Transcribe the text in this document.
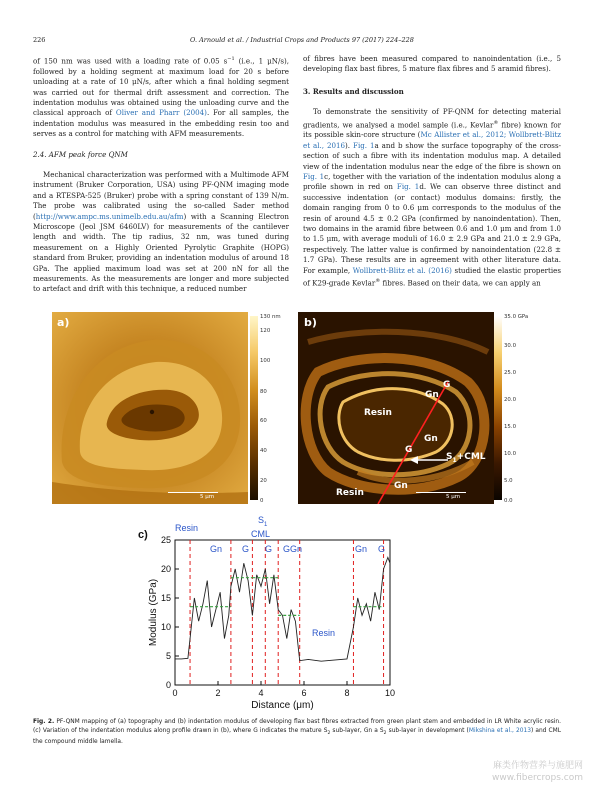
226	O. Arnould et al. / Industrial Crops and Products 97 (2017) 224–228

of 150 nm was used with a loading rate of 0.05 $s^{-1}$ (i.e., 1 μN/s), followed by a holding segment at maximum load for 20 s before unloading at a rate of 10 μN/s, after which a final holding segment was carried out for thermal drift assessment and correction. The indentation modulus was obtained using the unloading curve and the classical approach of Oliver and Pharr (2004). For all samples, the indentation modulus was measured in the embedding resin too and serves as a control for matching with AFM measurements.

2.4. AFM peak force QNM

Mechanical characterization was performed with a Multimode AFM instrument (Bruker Corporation, USA) using PF-QNM imaging mode and a RTESPA-525 (Bruker) probe with a spring constant of 139 N/m. The probe was calibrated using the so-called Sader method (http://www.ampc.ms.unimelb.edu.au/afm) with a Scanning Electron Microscope (Jeol JSM 6460LV) for measurements of the cantilever length and width. The tip radius, 32 nm, was tuned during measurement on a Highly Oriented Pyrolytic Graphite (HOPG) standard from Bruker, providing an indentation modulus of around 18 GPa. The applied maximum load was set at 200 nN for all the measurements. As the measurements are longer and more subjected to artefact and drift with this technique, a reduced number

of fibres have been measured compared to nanoindentation (i.e., 5 developing flax bast fibres, 5 mature flax fibres and 5 aramid fibres).

3. Results and discussion

To demonstrate the sensitivity of PF-QNM for detecting material gradients, we analysed a model sample (i.e., Kevlar® fibre) known for its possible skin-core structure (Mc Allister et al., 2012; Wollbrett-Blitz et al., 2016). Fig. 1a and b show the surface topography of the cross-section of such a fibre with its indentation modulus map. A detailed view of the indentation modulus near the edge of the fibre is shown on Fig. 1c, together with the variation of the indentation modulus along a profile shown in red on Fig. 1d. We can observe three distinct and successive indentation (or contact) modulus domains: firstly, the domain ranging from 0 to 0.6 μm corresponds to the modulus of the resin of around 4.5 ± 0.2 GPa (confirmed by nanoindentation). Then, two domains in the aramid fibre between 0.6 and 1.0 μm and from 1.0 to 1.5 μm, with average moduli of 16.0 ± 2.9 GPa and 21.0 ± 2.9 GPa, respectively. The latter value is confirmed by nanoindentation (22.8 ± 1.7 GPa). These results are in agreement with other literature data. For example, Wollbrett-Blitz et al. (2016) studied the elastic properties of K29-grade Kevlar® fibres. Based on their data, we can apply an

a)
5 μm
130 nm
120
100
80
60
40
20
0
b)
G
Gn
Resin
Gn
G
$S_1+CML$
Gn
Resin	5 μm
35.0 GPa
30.0
25.0
20.0
15.0
10.0
5.0
0.0
c)
0	2	4	6	8	10
0
5
10
15
20
25
Distance (μm)
Modulus (GPa)
Resin
$S_1$
CML
Gn G G G Gn
Resin
Gn G
Fig. 2. PF-QNM mapping of (a) topography and (b) indentation modulus of developing flax bast fibres extracted from green plant stem and embedded in LR White acrylic resin. (c) Variation of the indentation modulus along profile drawn in (b), where G indicates the mature $S_2$ sub-layer, Gn a $S_2$ sub-layer in development (Mikshina et al., 2013) and CML the compound middle lamella.
麻类作物营养与施肥网
www.fibercrops.com
